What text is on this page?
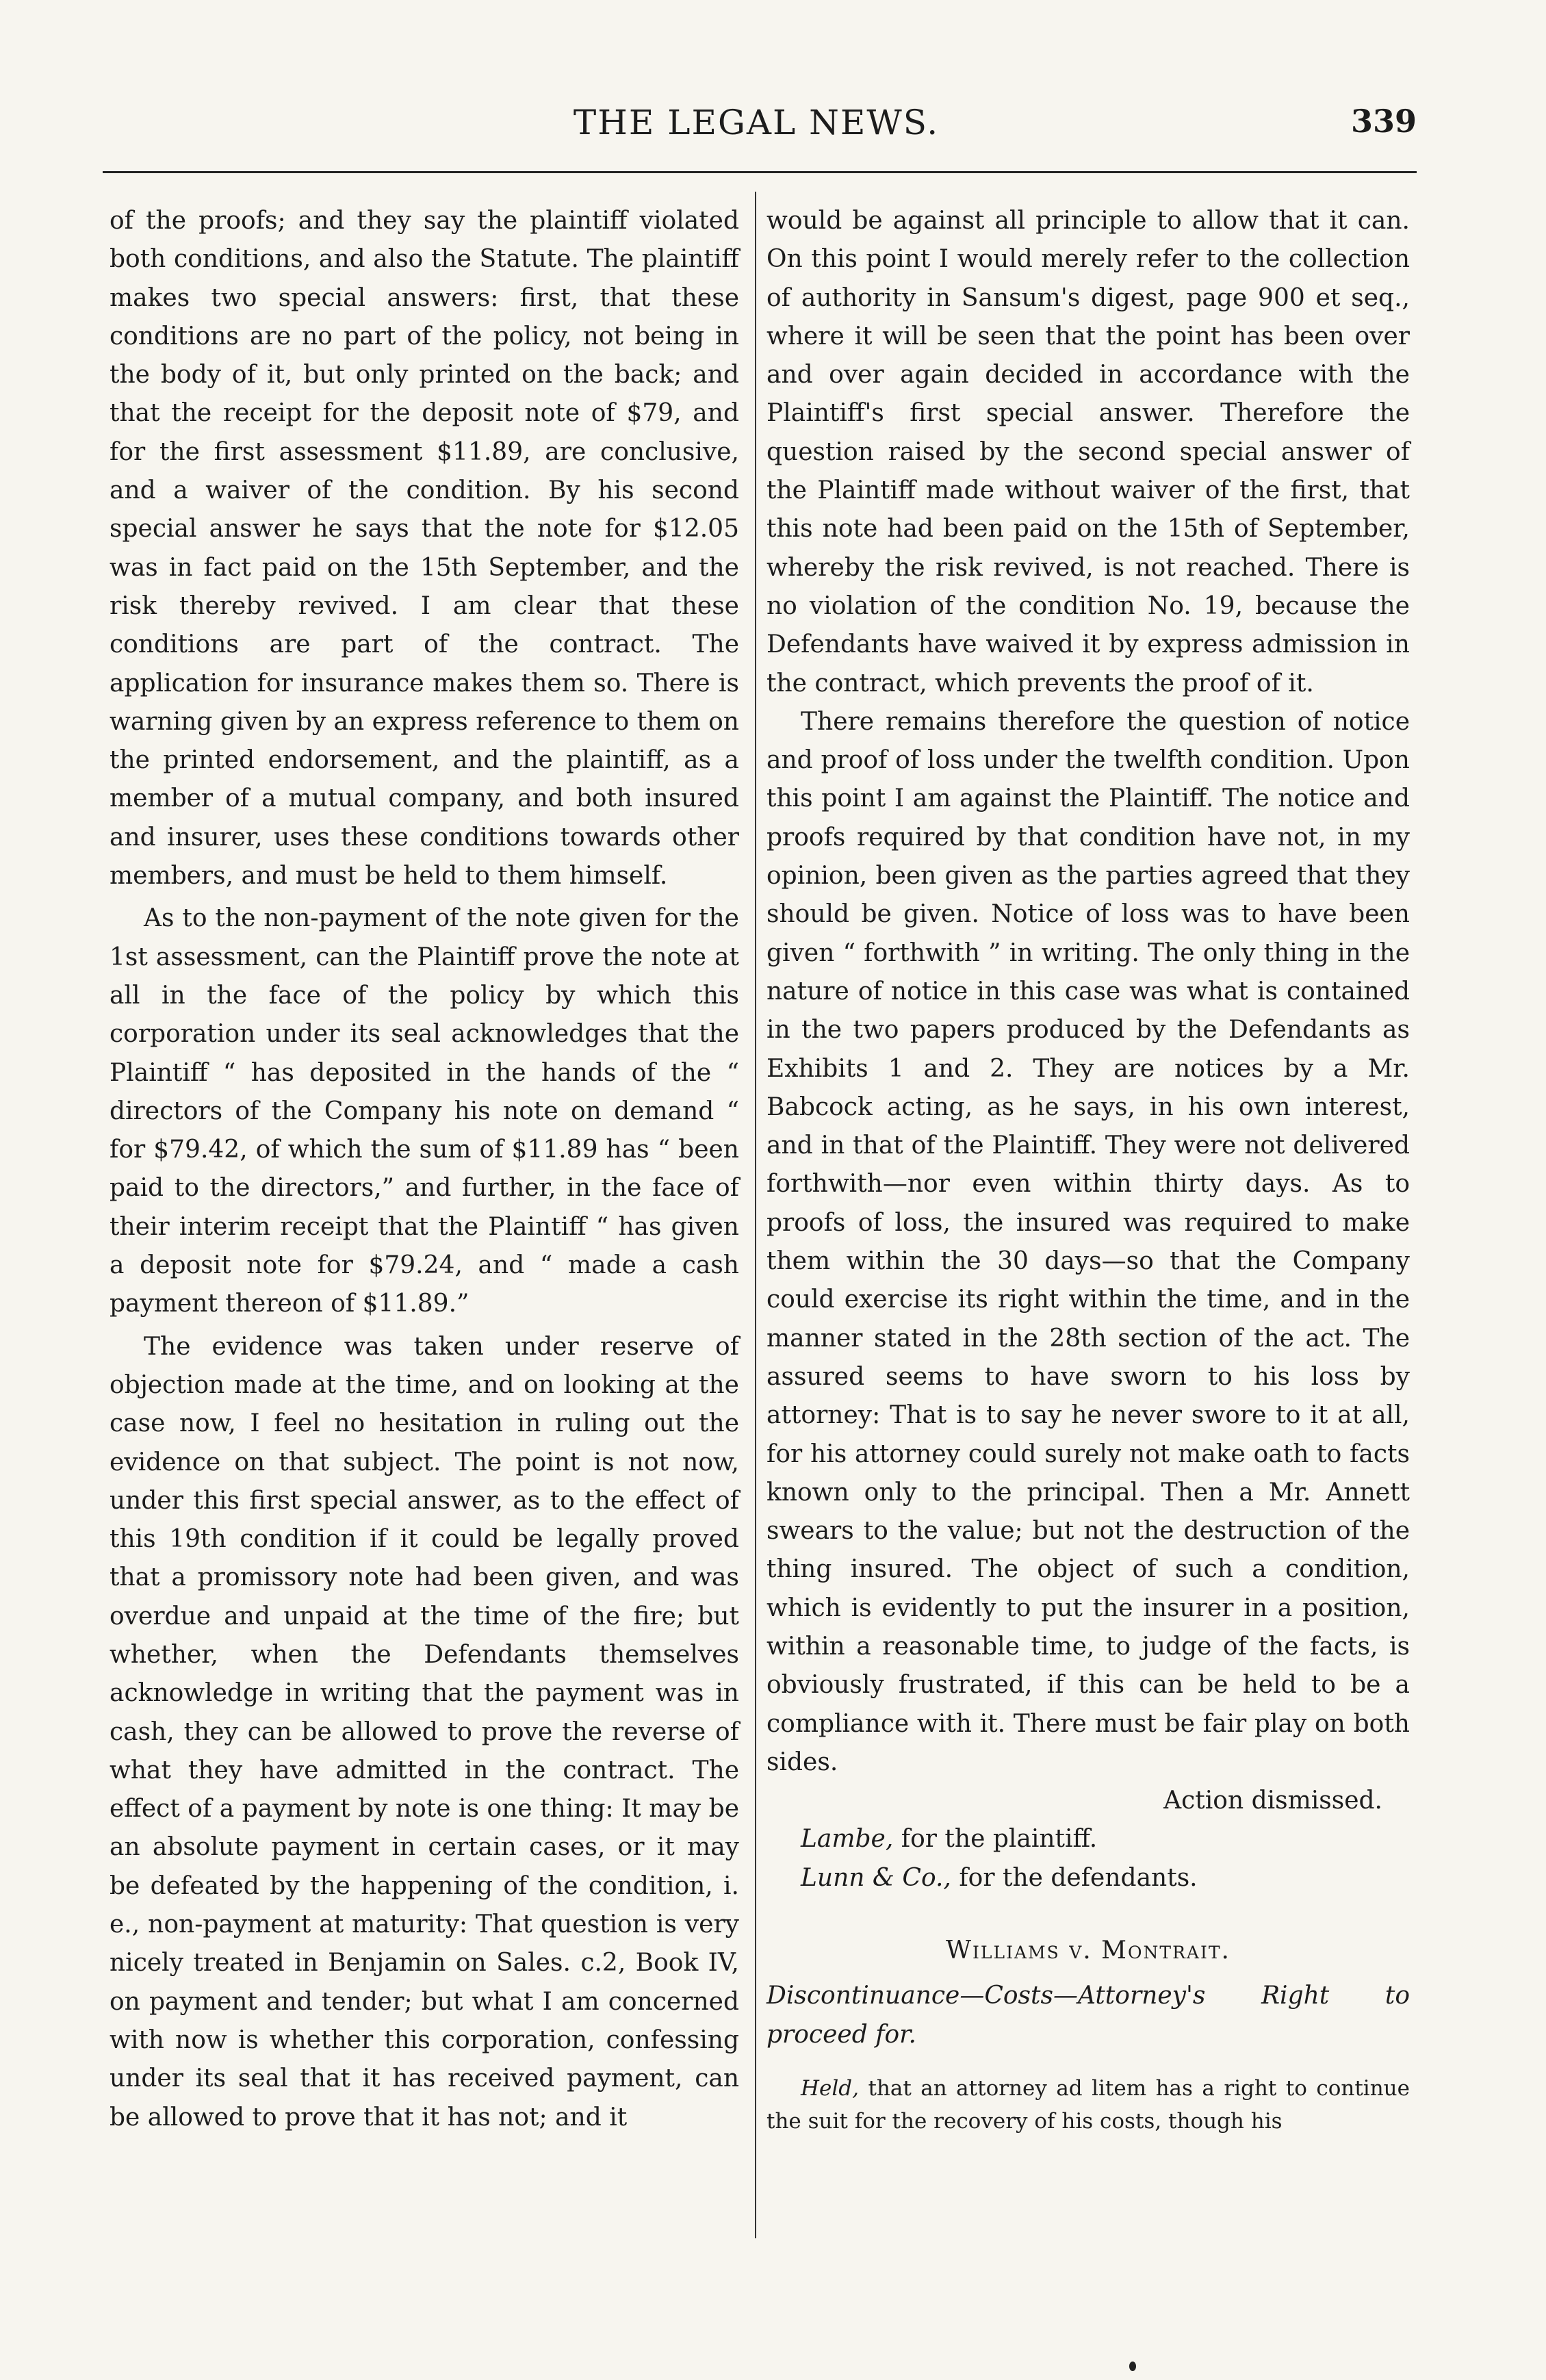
THE LEGAL NEWS.	339

of the proofs; and they say the plaintiff violated both conditions, and also the Statute. The plaintiff makes two special answers: first, that these conditions are no part of the policy, not being in the body of it, but only printed on the back; and that the receipt for the deposit note of $79, and for the first assessment $11.89, are conclusive, and a waiver of the condition. By his second special answer he says that the note for $12.05 was in fact paid on the 15th September, and the risk thereby revived. I am clear that these conditions are part of the contract. The application for insurance makes them so. There is warning given by an express reference to them on the printed endorsement, and the plaintiff, as a member of a mutual company, and both insured and insurer, uses these conditions towards other members, and must be held to them himself.

As to the non-payment of the note given for the 1st assessment, can the Plaintiff prove the note at all in the face of the policy by which this corporation under its seal acknowledges that the Plaintiff “ has deposited in the hands of the “ directors of the Company his note on demand “ for $79.42, of which the sum of $11.89 has “ been paid to the directors,” and further, in the face of their interim receipt that the Plaintiff “ has given a deposit note for $79.24, and “ made a cash payment thereon of $11.89.”

The evidence was taken under reserve of objection made at the time, and on looking at the case now, I feel no hesitation in ruling out the evidence on that subject. The point is not now, under this first special answer, as to the effect of this 19th condition if it could be legally proved that a promissory note had been given, and was overdue and unpaid at the time of the fire; but whether, when the Defendants themselves acknowledge in writing that the payment was in cash, they can be allowed to prove the reverse of what they have admitted in the contract. The effect of a payment by note is one thing: It may be an absolute payment in certain cases, or it may be defeated by the happening of the condition, i. e., non-payment at maturity: That question is very nicely treated in Benjamin on Sales. c.2, Book IV, on payment and tender; but what I am concerned with now is whether this corporation, confessing under its seal that it has received payment, can be allowed to prove that it has not; and it

would be against all principle to allow that it can. On this point I would merely refer to the collection of authority in Sansum's digest, page 900 et seq., where it will be seen that the point has been over and over again decided in accordance with the Plaintiff's first special answer. Therefore the question raised by the second special answer of the Plaintiff made without waiver of the first, that this note had been paid on the 15th of September, whereby the risk revived, is not reached. There is no violation of the condition No. 19, because the Defendants have waived it by express admission in the contract, which prevents the proof of it.

There remains therefore the question of notice and proof of loss under the twelfth condition. Upon this point I am against the Plaintiff. The notice and proofs required by that condition have not, in my opinion, been given as the parties agreed that they should be given. Notice of loss was to have been given “ forthwith ” in writing. The only thing in the nature of notice in this case was what is contained in the two papers produced by the Defendants as Exhibits 1 and 2. They are notices by a Mr. Babcock acting, as he says, in his own interest, and in that of the Plaintiff. They were not delivered forthwith—nor even within thirty days. As to proofs of loss, the insured was required to make them within the 30 days—so that the Company could exercise its right within the time, and in the manner stated in the 28th section of the act. The assured seems to have sworn to his loss by attorney: That is to say he never swore to it at all, for his attorney could surely not make oath to facts known only to the principal. Then a Mr. Annett swears to the value; but not the destruction of the thing insured. The object of such a condition, which is evidently to put the insurer in a position, within a reasonable time, to judge of the facts, is obviously frustrated, if this can be held to be a compliance with it. There must be fair play on both sides.

Action dismissed.

Lambe, for the plaintiff.

Lunn & Co., for the defendants.

Williams v. Montrait.

Discontinuance—Costs—Attorney's Right to proceed for.

Held, that an attorney ad litem has a right to continue the suit for the recovery of his costs, though his
